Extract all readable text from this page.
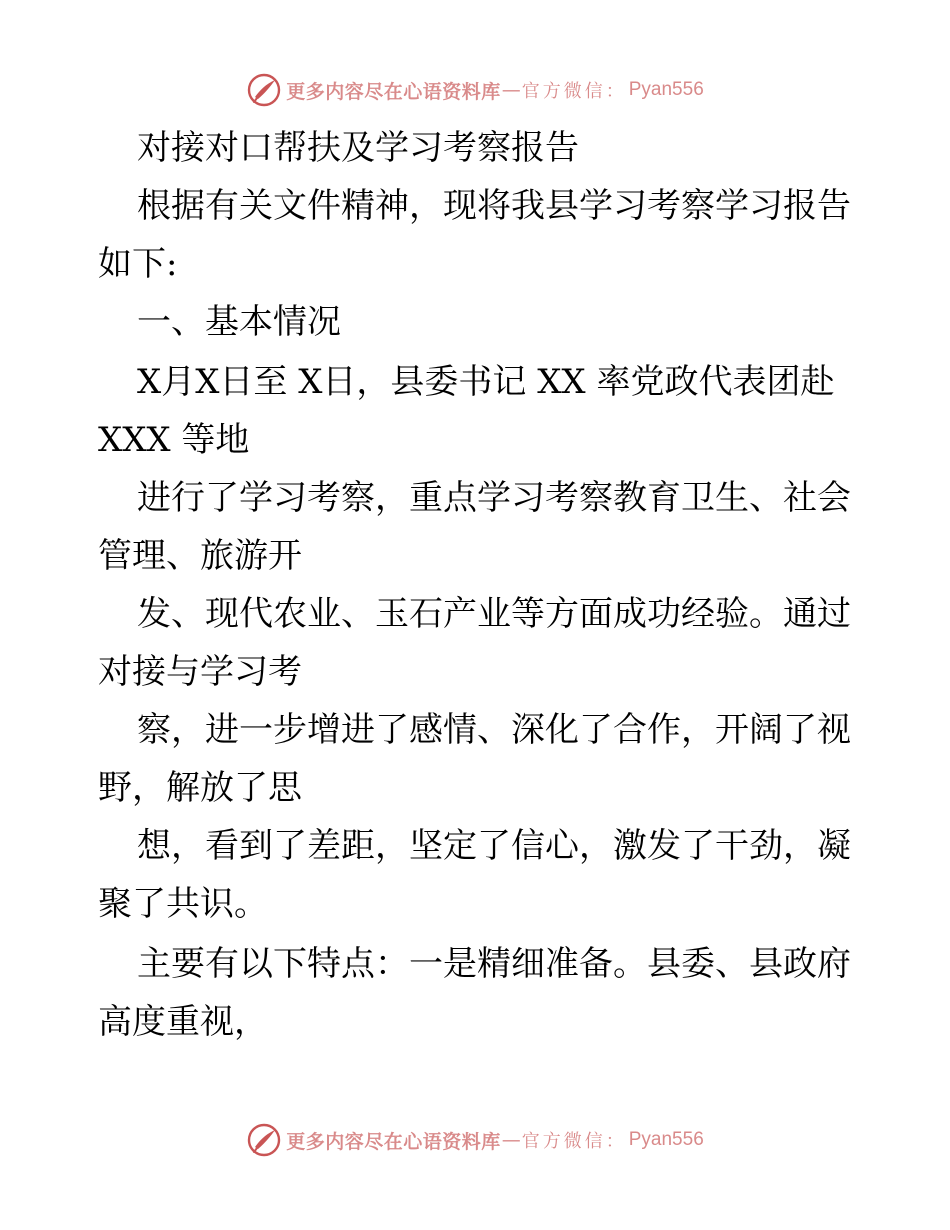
更多内容尽在心语资料库 — 官方微信： Pyan556
对接对口帮扶及学习考察报告
根据有关文件精神，现将我县学习考察学习报告
如下:
一、基本情况
X月X日至 X日，县委书记 XX 率党政代表团赴
XXX 等地
进行了学习考察，重点学习考察教育卫生、社会
管理、旅游开
发、现代农业、玉石产业等方面成功经验。通过
对接与学习考
察，进一步增进了感情、深化了合作，开阔了视
野，解放了思
想，看到了差距，坚定了信心，激发了干劲，凝
聚了共识。
主要有以下特点：一是精细准备。县委、县政府
高度重视，
更多内容尽在心语资料库 — 官方微信： Pyan556
